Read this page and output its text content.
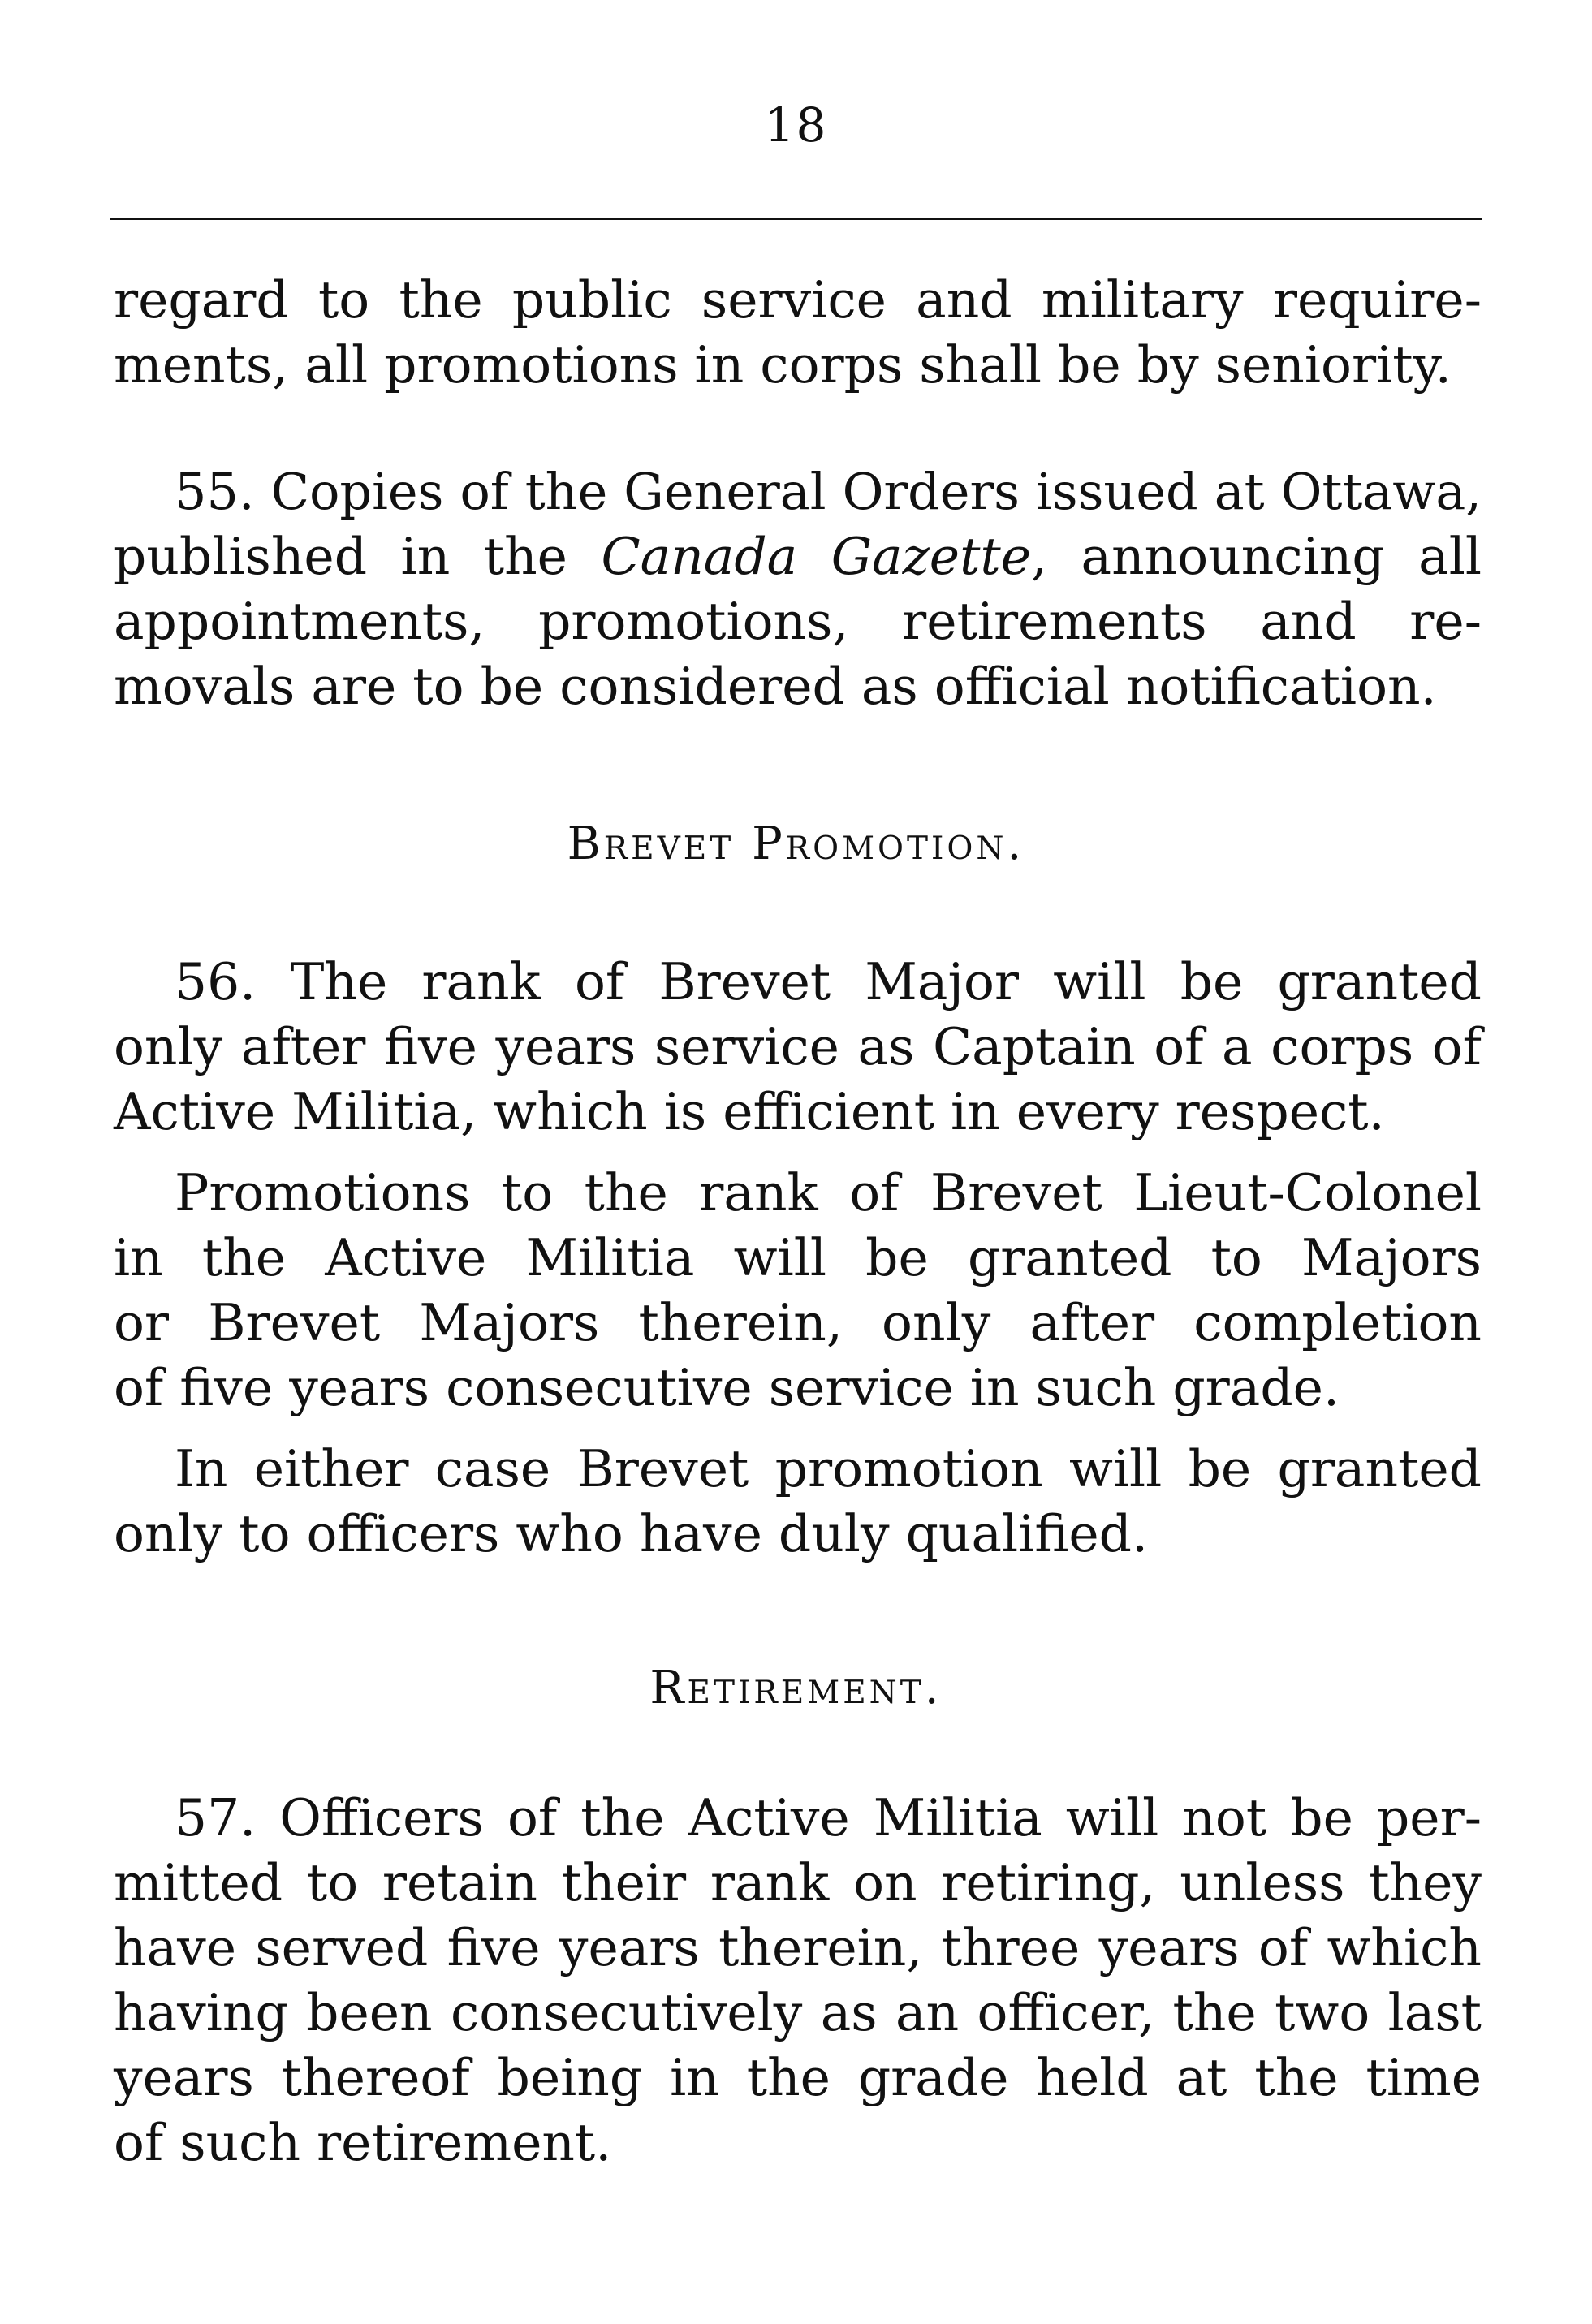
18
regard to the public service and military require-
ments, all promotions in corps shall be by seniority.
55. Copies of the General Orders issued at Ottawa,
published in the Canada Gazette, announcing all
appointments, promotions, retirements and re-
movals are to be considered as official notification.
Brevet Promotion.
56. The rank of Brevet Major will be granted
only after five years service as Captain of a corps of
Active Militia, which is efficient in every respect.
Promotions to the rank of Brevet Lieut-Colonel
in the Active Militia will be granted to Majors
or Brevet Majors therein, only after completion
of five years consecutive service in such grade.
In either case Brevet promotion will be granted
only to officers who have duly qualified.
Retirement.
57. Officers of the Active Militia will not be per-
mitted to retain their rank on retiring, unless they
have served five years therein, three years of which
having been consecutively as an officer, the two last
years thereof being in the grade held at the time
of such retirement.
